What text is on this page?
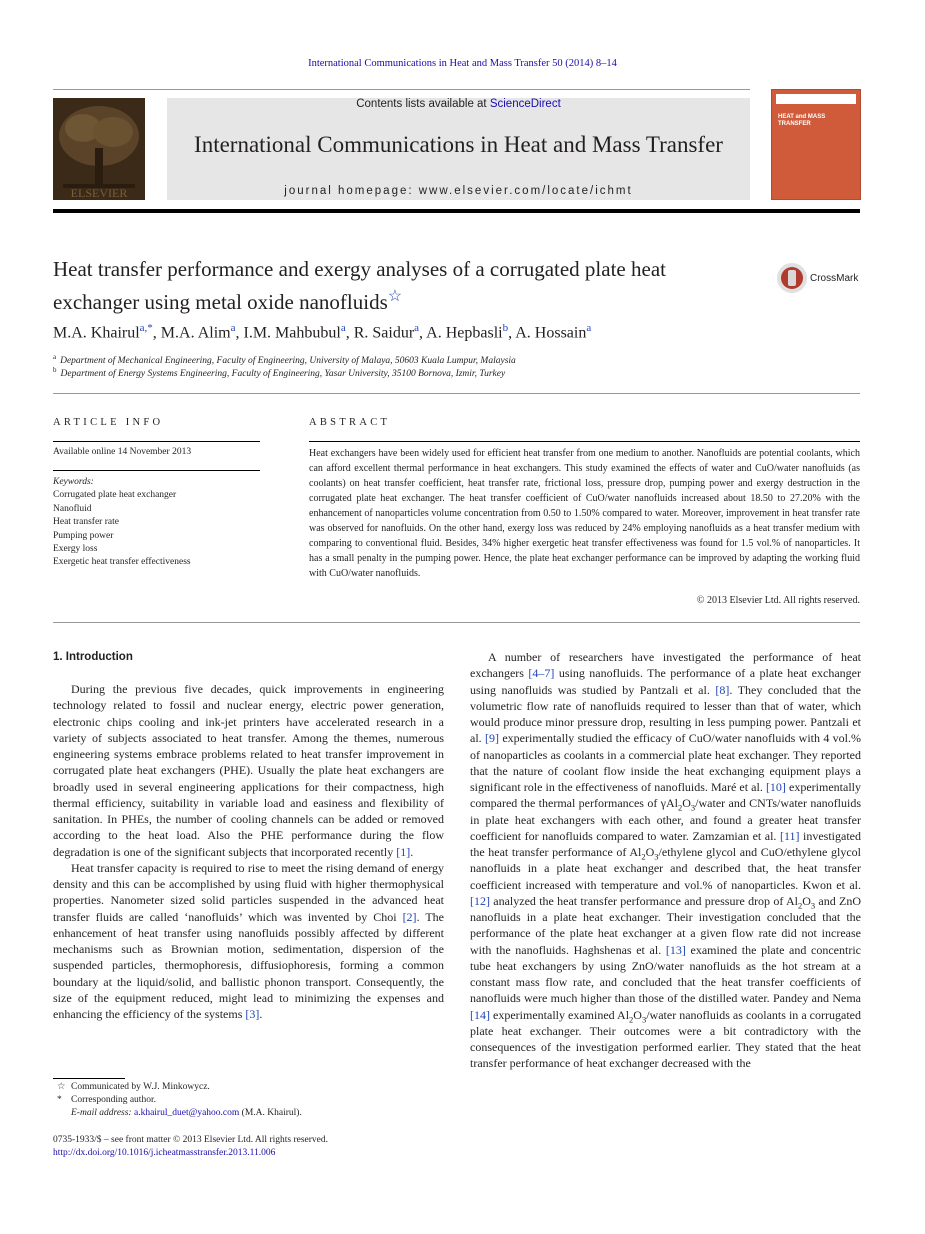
International Communications in Heat and Mass Transfer 50 (2014) 8–14
ELSEVIER
Contents lists available at ScienceDirect
International Communications in Heat and Mass Transfer
journal homepage: www.elsevier.com/locate/ichmt
HEAT and MASS TRANSFER
Heat transfer performance and exergy analyses of a corrugated plate heat exchanger using metal oxide nanofluids☆
CrossMark
M.A. Khairul$^{a,*}$, M.A. Alim$^a$, I.M. Mahbubul$^a$, R. Saidur$^a$, A. Hepbasli$^b$, A. Hossain$^a$
$^a$ Department of Mechanical Engineering, Faculty of Engineering, University of Malaya, 50603 Kuala Lumpur, Malaysia
$^b$ Department of Energy Systems Engineering, Faculty of Engineering, Yasar University, 35100 Bornova, Izmir, Turkey
ARTICLE INFO	ABSTRACT
Available online 14 November 2013
Keywords:
Corrugated plate heat exchanger
Nanofluid
Heat transfer rate
Pumping power
Exergy loss
Exergetic heat transfer effectiveness
Heat exchangers have been widely used for efficient heat transfer from one medium to another. Nanofluids are potential coolants, which can afford excellent thermal performance in heat exchangers. This study examined the effects of water and CuO/water nanofluids (as coolants) on heat transfer coefficient, heat transfer rate, frictional loss, pressure drop, pumping power and exergy destruction in the corrugated plate heat exchanger. The heat transfer coefficient of CuO/water nanofluids increased about 18.50 to 27.20% with the enhancement of nanoparticles volume concentration from 0.50 to 1.50% compared to water. Moreover, improvement in heat transfer rate was observed for nanofluids. On the other hand, exergy loss was reduced by 24% employing nanofluids as a heat transfer medium with comparing to conventional fluid. Besides, 34% higher exergetic heat transfer effectiveness was found for 1.5 vol.% of nanoparticles. It has a small penalty in the pumping power. Hence, the plate heat exchanger performance can be improved by adapting the working fluid with CuO/water nanofluids.
© 2013 Elsevier Ltd. All rights reserved.
1. Introduction

During the previous five decades, quick improvements in engineering technology related to fossil and nuclear energy, electric power generation, electronic chips cooling and ink-jet printers have accelerated research in a variety of subjects associated to heat transfer. Among the themes, numerous engineering systems embrace problems related to heat transfer improvement in corrugated plate heat exchangers (PHE). Usually the plate heat exchangers are broadly used in several engineering applications for their compactness, high thermal efficiency, suitability in variable load and easiness and flexibility of sanitation. In PHEs, the number of cooling channels can be added or removed according to the heat load. Also the PHE performance during the flow degradation is one of the significant subjects that incorporated recently [1].

Heat transfer capacity is required to rise to meet the rising demand of energy density and this can be accomplished by using fluid with higher thermophysical properties. Nanometer sized solid particles suspended in the advanced heat transfer fluids are called ‘nanofluids’ which was invented by Choi [2]. The enhancement of heat transfer using nanofluids possibly affected by different mechanisms such as Brownian motion, sedimentation, dispersion of the suspended particles, thermophoresis, diffusiophoresis, forming a common boundary at the liquid/solid, and ballistic phonon transport. Consequently, the size of the equipment reduced, might lead to minimizing the expenses and enhancing the efficiency of the systems [3].

A number of researchers have investigated the performance of heat exchangers [4–7] using nanofluids. The performance of a plate heat exchanger using nanofluids was studied by Pantzali et al. [8]. They concluded that the volumetric flow rate of nanofluids required to lesser than that of water, which would produce minor pressure drop, resulting in less pumping power. Pantzali et al. [9] experimentally studied the efficacy of CuO/water nanofluids with 4 vol.% of nanoparticles as coolants in a commercial plate heat exchanger. They reported that the nature of coolant flow inside the heat exchanging equipment plays a significant role in the effectiveness of nanofluids. Maré et al. [10] experimentally compared the thermal performances of $\gamma Al_2O_3$/water and CNTs/water nanofluids in plate heat exchangers with each other, and found a greater heat transfer coefficient for nanofluids compared to water. Zamzamian et al. [11] investigated the heat transfer performance of $Al_2O_3$/ethylene glycol and CuO/ethylene glycol nanofluids in a plate heat exchanger and described that, the heat transfer coefficient increased with temperature and vol.% of nanoparticles. Kwon et al. [12] analyzed the heat transfer performance and pressure drop of $Al_2O_3$ and ZnO nanofluids in a plate heat exchanger. Their investigation concluded that the performance of the plate heat exchanger at a given flow rate did not increase with the nanofluids. Haghshenas et al. [13] examined the plate and concentric tube heat exchangers by using ZnO/water nanofluids as the hot stream at a constant mass flow rate, and concluded that the heat transfer coefficients of nanofluids were much higher than those of the distilled water. Pandey and Nema [14] experimentally examined $Al_2O_3$/water nanofluids as coolants in a corrugated plate heat exchanger. Their outcomes were a bit contradictory with the consequences of the investigation performed earlier. They stated that the heat transfer performance of heat exchanger decreased with the

☆ Communicated by W.J. Minkowycz.
* Corresponding author.
E-mail address: a.khairul_duet@yahoo.com (M.A. Khairul).
0735-1933/$ – see front matter © 2013 Elsevier Ltd. All rights reserved.
http://dx.doi.org/10.1016/j.icheatmasstransfer.2013.11.006
